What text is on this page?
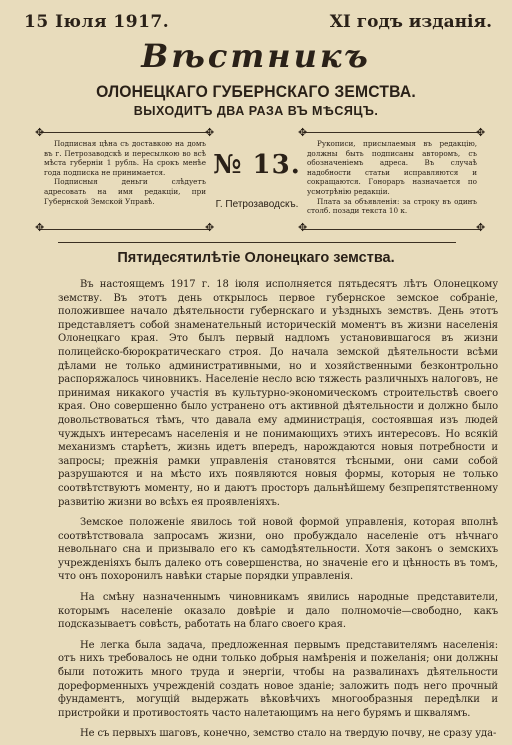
15 Іюля 1917.	XI годъ изданія.
Вѣстникъ
ОЛОНЕЦКАГО ГУБЕРНСКАГО ЗЕМСТВА.
ВЫХОДИТЪ ДВА РАЗА ВЪ МѢСЯЦЪ.

Подписная цѣна съ доставкою на домъ въ г. Петрозаводскѣ и пересылкою во всѣ мѣста губерніи 1 рубль. На срокъ менѣе года подписка не принимается.

Подписныя деньги слѣдуетъ адресовать на имя редакціи, при Губернской Земской Управѣ.

✥	✥
✥	✥
№ 13.
Г. Петрозаводскъ.

Рукописи, присылаемыя въ редакцію, должны быть подписаны авторомъ, съ обозначеніемъ адреса. Въ случаѣ надобности статьи исправляются и сокращаются. Гонораръ назначается по усмотрѣнію редакціи.

Плата за объявленія: за строку въ одинъ столб. позади текста 10 к.

✥	✥
✥	✥
Пятидесятилѣтіе Олонецкаго земства.

Въ настоящемъ 1917 г. 18 іюля исполняется пятьдесятъ лѣтъ Олонецкому земству. Въ этотъ день открылось первое губернское земское собраніе, положившее начало дѣятельности губернскаго и уѣздныхъ земствъ. День этотъ представляетъ собой знаменательный историческій моментъ въ жизни населенія Олонецкаго края. Это былъ первый надломъ установившагося въ жизни полицейско-бюрократическаго строя. До начала земской дѣятельности всѣми дѣлами не только административными, но и хозяйственными безконтрольно распоряжалось чиновникъ. Населеніе несло всю тяжесть различныхъ налоговъ, не принимая никакого участія въ культурно-экономическомъ строительствѣ своего края. Оно совершенно было устранено отъ активной дѣятельности и должно было довольствоваться тѣмъ, что давала ему администрація, состоявшая изъ людей чуждыхъ интересамъ населенія и не понимающихъ этихъ интересовъ. Но всякій механизмъ старѣетъ, жизнь идетъ впередъ, нарождаются новыя потребности и запросы; прежнія рамки управленія становятся тѣсными, они сами собой разрушаются и на мѣсто ихъ появляются новыя формы, которыя не только соотвѣтствуютъ моменту, но и даютъ просторъ дальнѣйшему безпрепятственному развитію жизни во всѣхъ ея проявленіяхъ.

Земское положеніе явилось той новой формой управленія, которая вполнѣ соотвѣтствовала запросамъ жизни, оно пробуждало населеніе отъ нѣчнаго невольнаго сна и призывало его къ самодѣятельности. Хотя законъ о земскихъ учрежденіяхъ былъ далеко отъ совершенства, но значеніе его и цѣнность въ томъ, что онъ похоронилъ навѣки старые порядки управленія.

На смѣну назначеннымъ чиновникамъ явились народные представители, которымъ населеніе оказало довѣріе и дало полномочіе—свободно, какъ подсказываетъ совѣсть, работать на благо своего края.

Не легка была задача, предложенная первымъ представителямъ населенія: отъ нихъ требовалось не одни только добрыя намѣренія и пожеланія; они должны были потожить много труда и энергіи, чтобы на развалинахъ дѣятельности дореформенныхъ учрежденій создать новое зданіе; заложить подъ него прочный фундаментъ, могущій выдержать вѣковѣчихъ многообразныя передѣлки и пристройки и противостоять часто налетающимъ на него бурямъ и шквалямъ.

Не съ первыхъ шаговъ, конечно, земство стало на твердую почву, не сразу уда-
